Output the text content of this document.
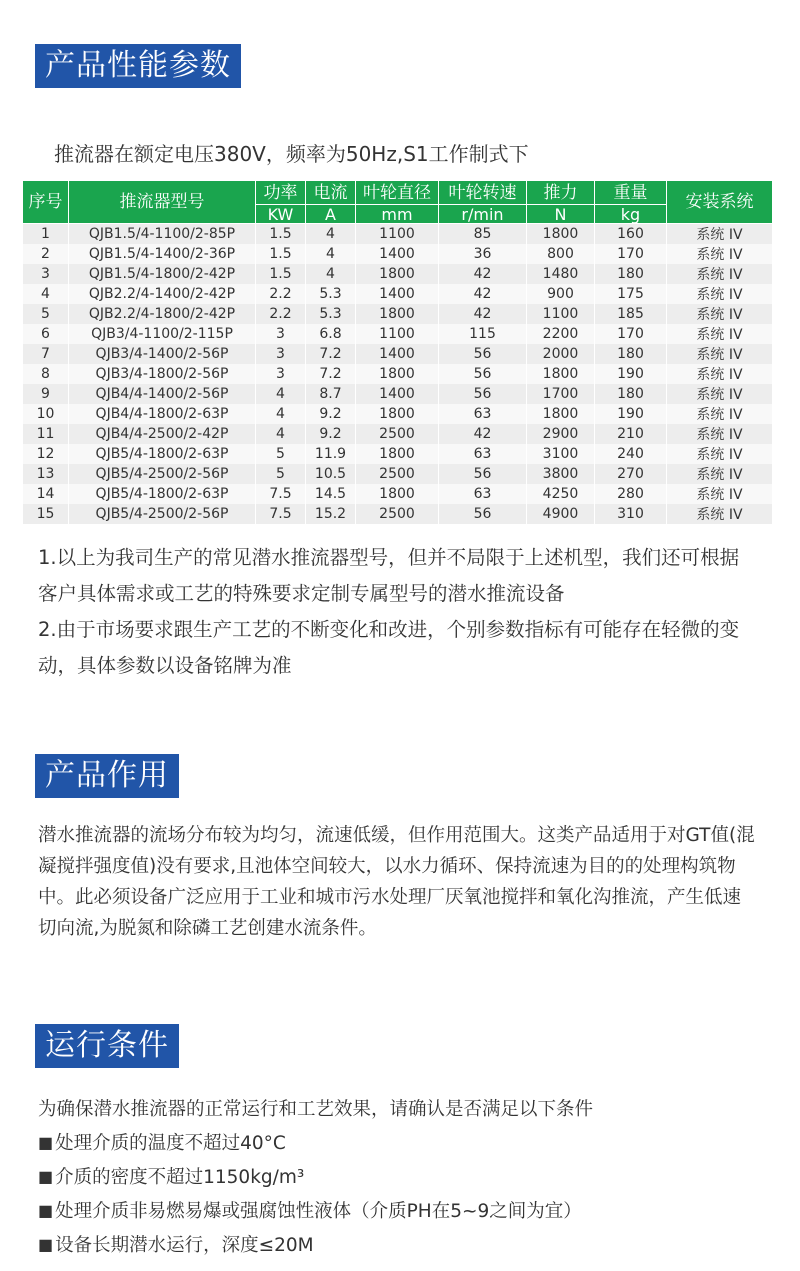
产品性能参数
推流器在额定电压380V，频率为50Hz,S1工作制式下
序号	推流器型号	功率	电流	叶轮直径	叶轮转速	推力	重量	安装系统
		KW	A	mm	r/min	N	kg	
1	QJB1.5/4-1100/2-85P	1.5	4	1100	85	1800	160	系统 IV
2	QJB1.5/4-1400/2-36P	1.5	4	1400	36	800	170	系统 IV
3	QJB1.5/4-1800/2-42P	1.5	4	1800	42	1480	180	系统 IV
4	QJB2.2/4-1400/2-42P	2.2	5.3	1400	42	900	175	系统 IV
5	QJB2.2/4-1800/2-42P	2.2	5.3	1800	42	1100	185	系统 IV
6	QJB3/4-1100/2-115P	3	6.8	1100	115	2200	170	系统 IV
7	QJB3/4-1400/2-56P	3	7.2	1400	56	2000	180	系统 IV
8	QJB3/4-1800/2-56P	3	7.2	1800	56	1800	190	系统 IV
9	QJB4/4-1400/2-56P	4	8.7	1400	56	1700	180	系统 IV
10	QJB4/4-1800/2-63P	4	9.2	1800	63	1800	190	系统 IV
11	QJB4/4-2500/2-42P	4	9.2	2500	42	2900	210	系统 IV
12	QJB5/4-1800/2-63P	5	11.9	1800	63	3100	240	系统 IV
13	QJB5/4-2500/2-56P	5	10.5	2500	56	3800	270	系统 IV
14	QJB5/4-1800/2-63P	7.5	14.5	1800	63	4250	280	系统 IV
15	QJB5/4-2500/2-56P	7.5	15.2	2500	56	4900	310	系统 IV
1.以上为我司生产的常见潜水推流器型号，但并不局限于上述机型，我们还可根据客户具体需求或工艺的特殊要求定制专属型号的潜水推流设备
2.由于市场要求跟生产工艺的不断变化和改进，个别参数指标有可能存在轻微的变动，具体参数以设备铭牌为准
产品作用
潜水推流器的流场分布较为均匀，流速低缓，但作用范围大。这类产品适用于对GT值(混凝搅拌强度值)没有要求,且池体空间较大，以水力循环、保持流速为目的的处理构筑物中。此必须设备广泛应用于工业和城市污水处理厂厌氧池搅拌和氧化沟推流，产生低速切向流,为脱氮和除磷工艺创建水流条件。
运行条件
为确保潜水推流器的正常运行和工艺效果，请确认是否满足以下条件
■ 处理介质的温度不超过40°C
■ 介质的密度不超过1150kg/m³
■ 处理介质非易燃易爆或强腐蚀性液体（介质PH在5~9之间为宜）
■ 设备长期潜水运行，深度≤20M
